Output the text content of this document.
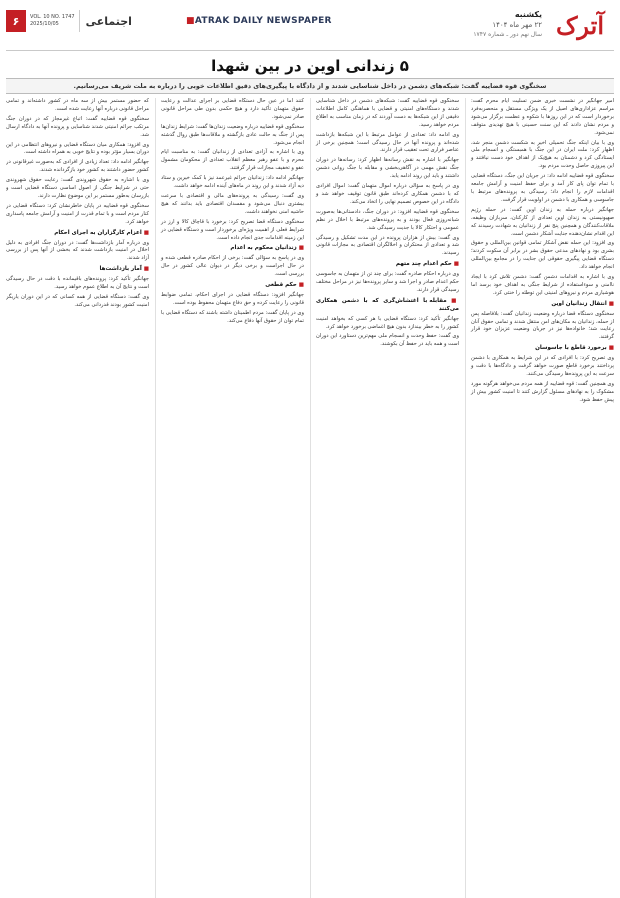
آترک
یکشنبه
۲۲ مهر ماه ۱۴۰۴
سال نهم دور ـ شماره ۱۷۴۷
■ATRAK DAILY NEWSPAPER
۶	VOL. 10 NO. 1747
2025/10/05	اجتماعی
۵ زندانی اوین در بین شهدا
سخنگوی قوه قضاییه گفت: شبکه‌های دشمن در داخل شناسایی شدند و از دادگاه با پیگیری‌های دقیق اطلاعات خوبی را درباره به ملت شریف می‌رسانیم.

امیر جهانگیر در نشست خبری ضمن تسلیت ایام محرم گفت: مراسم عزاداری‌های اصیل از یک ویژگی مستقل و منحصربه‌فرد برخوردار است که در این روزها با شکوه و عظمت برگزار می‌شود و مردم نشان دادند که این سنت حسینی با هیچ تهدیدی متوقف نمی‌شود.

وی با بیان اینکه جنگ تحمیلی اخیر به شکست دشمن منجر شد، اظهار کرد: ملت ایران در این جنگ با همبستگی و انسجام ملی ایستادگی کرد و دشمنان به هیچ‌یک از اهداف خود دست نیافتند و این پیروزی حاصل وحدت مردم بود.

سخنگوی قوه قضاییه ادامه داد: در جریان این جنگ، دستگاه قضایی با تمام توان پای کار آمد و برای حفظ امنیت و آرامش جامعه اقدامات لازم را انجام داد؛ رسیدگی به پرونده‌های مرتبط با جاسوسی و همکاری با دشمن در اولویت قرار گرفت.

جهانگیر درباره حمله به زندان اوین گفت: در حمله رژیم صهیونیستی به زندان اوین تعدادی از کارکنان، سربازان وظیفه، ملاقات‌کنندگان و همچنین پنج نفر از زندانیان به شهادت رسیدند که این اقدام نشان‌دهنده جنایت آشکار دشمن است.

وی افزود: این حمله نقض آشکار تمامی قوانین بین‌المللی و حقوق بشری بود و نهادهای مدعی حقوق بشر در برابر آن سکوت کردند؛ دستگاه قضایی پیگیری حقوقی این جنایت را در مجامع بین‌المللی انجام خواهد داد.

وی با اشاره به اقدامات دشمن گفت: دشمن تلاش کرد با ایجاد ناامنی و سوءاستفاده از شرایط جنگی به اهداف خود برسد اما هوشیاری مردم و نیروهای امنیتی این توطئه را خنثی کرد.

■ انتقال زندانیان اوین

سخنگوی دستگاه قضا درباره وضعیت زندانیان گفت: بلافاصله پس از حمله، زندانیان به مکان‌های امن منتقل شدند و تمامی حقوق آنان رعایت شد؛ خانواده‌ها نیز در جریان وضعیت عزیزان خود قرار گرفتند.

■ برخورد قاطع با جاسوسان

وی تصریح کرد: با افرادی که در این شرایط به همکاری با دشمن پرداختند برخورد قاطع صورت خواهد گرفت و دادگاه‌ها با دقت و سرعت به این پرونده‌ها رسیدگی می‌کنند.

وی همچنین گفت: قوه قضاییه از همه مردم می‌خواهد هرگونه مورد مشکوک را به نهادهای مسئول گزارش کنند تا امنیت کشور بیش از پیش حفظ شود.

سخنگوی قوه قضاییه گفت: شبکه‌های دشمن در داخل شناسایی شدند و دستگاه‌های امنیتی و قضایی با هماهنگی کامل اطلاعات دقیقی از این شبکه‌ها به دست آوردند که در زمان مناسب به اطلاع مردم خواهد رسید.

وی ادامه داد: تعدادی از عوامل مرتبط با این شبکه‌ها بازداشت شده‌اند و پرونده آنها در حال رسیدگی است؛ همچنین برخی از عناصر فراری تحت تعقیب قرار دارند.

جهانگیر با اشاره به نقش رسانه‌ها اظهار کرد: رسانه‌ها در دوران جنگ نقش مهمی در آگاهی‌بخشی و مقابله با جنگ روانی دشمن داشتند و باید این روند ادامه یابد.

وی در پاسخ به سؤالی درباره اموال متهمان گفت: اموال افرادی که با دشمن همکاری کرده‌اند طبق قانون توقیف خواهد شد و دادگاه در این خصوص تصمیم نهایی را اتخاذ می‌کند.

سخنگوی قوه قضاییه افزود: در دوران جنگ، دادستانی‌ها به‌صورت شبانه‌روزی فعال بودند و به پرونده‌های مرتبط با اخلال در نظم عمومی و احتکار کالا با جدیت رسیدگی شد.

وی گفت: بیش از هزاران پرونده در این مدت تشکیل و رسیدگی شد و تعدادی از محتکران و اخلالگران اقتصادی به مجازات قانونی رسیدند.

■ حکم اعدام چند متهم

وی درباره احکام صادره گفت: برای چند تن از متهمان به جاسوسی حکم اعدام صادر و اجرا شد و سایر پرونده‌ها نیز در مراحل مختلف رسیدگی قرار دارند.

■ مقابله با اغتشاش‌گری که با دشمن همکاری می‌کنند

جهانگیر تأکید کرد: دستگاه قضایی با هر کسی که بخواهد امنیت کشور را به خطر بیندازد بدون هیچ اغماضی برخورد خواهد کرد.

وی گفت: حفظ وحدت و انسجام ملی مهم‌ترین دستاورد این دوران است و همه باید در حفظ آن بکوشند.

کنند اما در عین حال دستگاه قضایی بر اجرای عدالت و رعایت حقوق متهمان تأکید دارد و هیچ حکمی بدون طی مراحل قانونی صادر نمی‌شود.

سخنگوی قوه قضاییه درباره وضعیت زندان‌ها گفت: شرایط زندان‌ها پس از جنگ به حالت عادی بازگشته و ملاقات‌ها طبق روال گذشته انجام می‌شود.

وی با اشاره به آزادی تعدادی از زندانیان گفت: به مناسبت ایام محرم و با عفو رهبر معظم انقلاب تعدادی از محکومان مشمول عفو و تخفیف مجازات قرار گرفتند.

جهانگیر ادامه داد: زندانیان جرائم غیرعمد نیز با کمک خیرین و ستاد دیه آزاد شدند و این روند در ماه‌های آینده ادامه خواهد داشت.

وی گفت: رسیدگی به پرونده‌های مالی و اقتصادی با سرعت بیشتری دنبال می‌شود و مفسدان اقتصادی باید بدانند که هیچ حاشیه امنی نخواهند داشت.

سخنگوی دستگاه قضا تصریح کرد: برخورد با قاچاق کالا و ارز در شرایط فعلی از اهمیت ویژه‌ای برخوردار است و دستگاه قضایی در این زمینه اقدامات جدی انجام داده است.

■ زندانیان محکوم به اعدام

وی در پاسخ به سؤالی گفت: برخی از احکام صادره قطعی شده و در حال اجراست و برخی دیگر در دیوان عالی کشور در حال بررسی است.

■ حکم قطعی

جهانگیر افزود: دستگاه قضایی در اجرای احکام، تمامی ضوابط قانونی را رعایت کرده و حق دفاع متهمان محفوظ بوده است.

وی در پایان گفت: مردم اطمینان داشته باشند که دستگاه قضایی با تمام توان از حقوق آنها دفاع می‌کند.

که حضور مستمر بیش از سه ماه در کشور داشته‌اند و تمامی مراحل قانونی درباره آنها رعایت شده است.

سخنگوی قوه قضاییه گفت: اتباع غیرمجاز که در دوران جنگ مرتکب جرائم امنیتی شدند شناسایی و پرونده آنها به دادگاه ارسال شد.

وی افزود: همکاری میان دستگاه قضایی و نیروهای انتظامی در این دوران بسیار مؤثر بوده و نتایج خوبی به همراه داشته است.

جهانگیر ادامه داد: تعداد زیادی از افرادی که به‌صورت غیرقانونی در کشور حضور داشتند به کشور خود بازگردانده شدند.

وی با اشاره به حقوق شهروندی گفت: رعایت حقوق شهروندی حتی در شرایط جنگی از اصول اساسی دستگاه قضایی است و بازرسان به‌طور مستمر بر این موضوع نظارت دارند.

سخنگوی قوه قضاییه در پایان خاطرنشان کرد: دستگاه قضایی در کنار مردم است و با تمام قدرت از امنیت و آرامش جامعه پاسداری خواهد کرد.

■ اعزام کارگزاران به اجرای احکام

وی درباره آمار بازداشت‌ها گفت: در دوران جنگ افرادی به دلیل اخلال در امنیت بازداشت شدند که بخشی از آنها پس از بررسی آزاد شدند.

■ آمار بازداشت‌ها

جهانگیر تأکید کرد: پرونده‌های باقیمانده با دقت در حال رسیدگی است و نتایج آن به اطلاع عموم خواهد رسید.

وی گفت: دستگاه قضایی از همه کسانی که در این دوران یاریگر امنیت کشور بودند قدردانی می‌کند.
